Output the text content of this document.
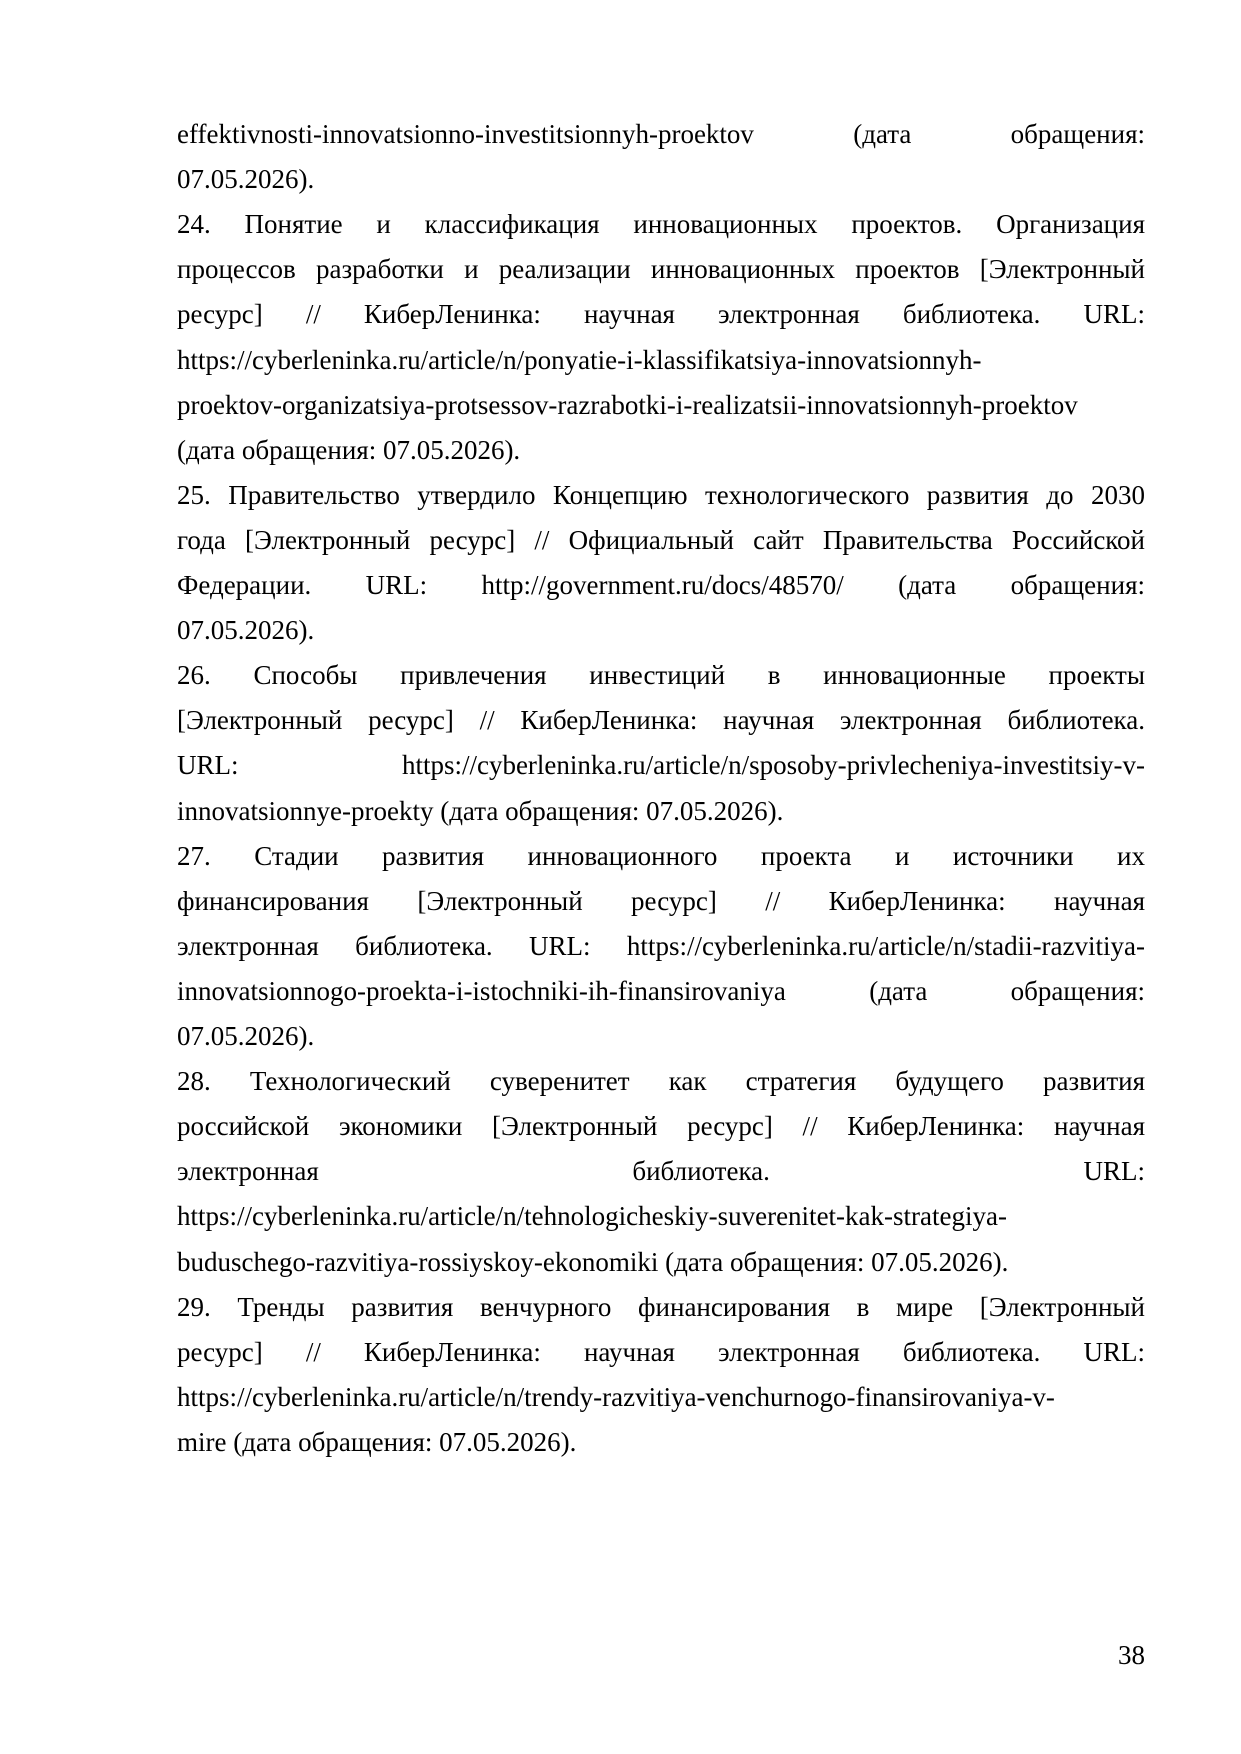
effektivnosti-innovatsionno-investitsionnyh-proektov (дата обращения:
07.05.2026).
24. Понятие и классификация инновационных проектов. Организация
процессов разработки и реализации инновационных проектов [Электронный
ресурс] // КиберЛенинка: научная электронная библиотека. URL:
https://cyberleninka.ru/article/n/ponyatie-i-klassifikatsiya-innovatsionnyh-
proektov-organizatsiya-protsessov-razrabotki-i-realizatsii-innovatsionnyh-proektov
(дата обращения: 07.05.2026).
25. Правительство утвердило Концепцию технологического развития до 2030
года [Электронный ресурс] // Официальный сайт Правительства Российской
Федерации. URL: http://government.ru/docs/48570/ (дата обращения:
07.05.2026).
26. Способы привлечения инвестиций в инновационные проекты
[Электронный ресурс] // КиберЛенинка: научная электронная библиотека.
URL: https://cyberleninka.ru/article/n/sposoby-privlecheniya-investitsiy-v-
innovatsionnye-proekty (дата обращения: 07.05.2026).
27. Стадии развития инновационного проекта и источники их
финансирования [Электронный ресурс] // КиберЛенинка: научная
электронная библиотека. URL: https://cyberleninka.ru/article/n/stadii-razvitiya-
innovatsionnogo-proekta-i-istochniki-ih-finansirovaniya (дата обращения:
07.05.2026).
28. Технологический суверенитет как стратегия будущего развития
российской экономики [Электронный ресурс] // КиберЛенинка: научная
электронная библиотека. URL:
https://cyberleninka.ru/article/n/tehnologicheskiy-suverenitet-kak-strategiya-
buduschego-razvitiya-rossiyskoy-ekonomiki (дата обращения: 07.05.2026).
29. Тренды развития венчурного финансирования в мире [Электронный
ресурс] // КиберЛенинка: научная электронная библиотека. URL:
https://cyberleninka.ru/article/n/trendy-razvitiya-venchurnogo-finansirovaniya-v-
mire (дата обращения: 07.05.2026).
38
